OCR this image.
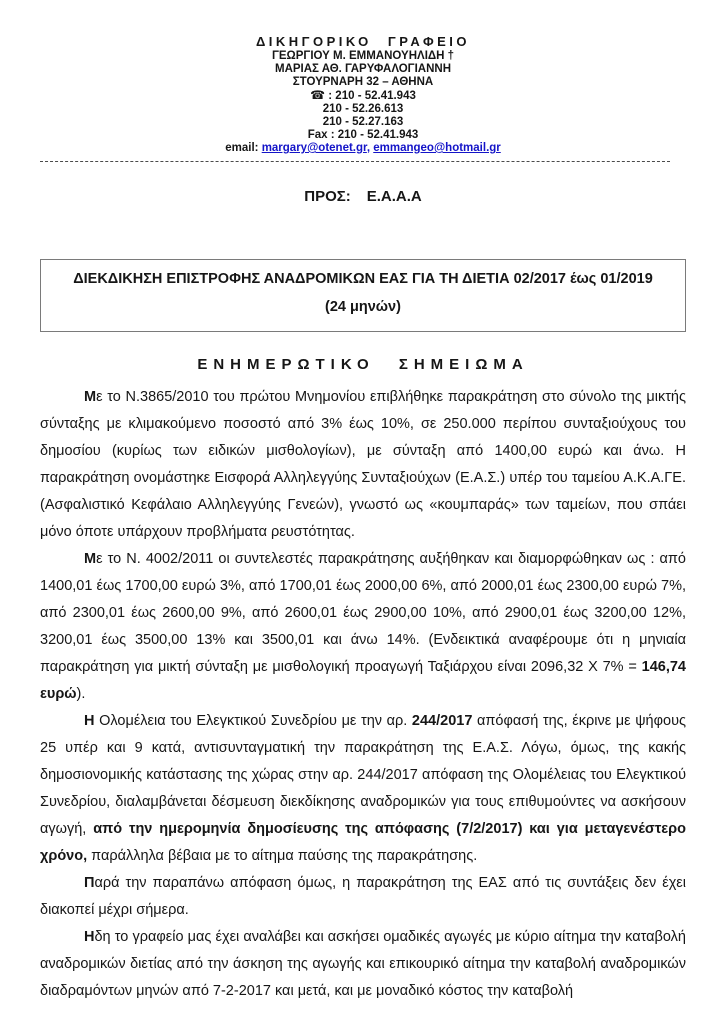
ΔΙΚΗΓΟΡΙΚΟ ΓΡΑΦΕΙΟ
ΓΕΩΡΓΙΟΥ Μ. ΕΜΜΑΝΟΥΗΛΙΔΗ †
ΜΑΡΙΑΣ ΑΘ. ΓΑΡΥΦΑΛΟΓΙΑΝΝΗ
ΣΤΟΥΡΝΑΡΗ 32 – ΑΘΗΝΑ
☎ : 210 - 52.41.943
210 - 52.26.613
210 - 52.27.163
Fax : 210 - 52.41.943
email: margary@otenet.gr, emmangeo@hotmail.gr
ΠΡΟΣ: Ε.Α.Α.Α
ΔΙΕΚΔΙΚΗΣΗ ΕΠΙΣΤΡΟΦΗΣ ΑΝΑΔΡΟΜΙΚΩΝ ΕΑΣ ΓΙΑ ΤΗ ΔΙΕΤΙΑ 02/2017 έως 01/2019
(24 μηνών)
ΕΝΗΜΕΡΩΤΙΚΟ ΣΗΜΕΙΩΜΑ

Με το Ν.3865/2010 του πρώτου Μνημονίου επιβλήθηκε παρακράτηση στο σύνολο της μικτής σύνταξης με κλιμακούμενο ποσοστό από 3% έως 10%, σε 250.000 περίπου συνταξιούχους του δημοσίου (κυρίως των ειδικών μισθολογίων), με σύνταξη από 1400,00 ευρώ και άνω. Η παρακράτηση ονομάστηκε Εισφορά Αλληλεγγύης Συνταξιούχων (Ε.Α.Σ.) υπέρ του ταμείου Α.Κ.Α.ΓΕ. (Ασφαλιστικό Κεφάλαιο Αλληλεγγύης Γενεών), γνωστό ως «κουμπαράς» των ταμείων, που σπάει μόνο όποτε υπάρχουν προβλήματα ρευστότητας.

Με το Ν. 4002/2011 οι συντελεστές παρακράτησης αυξήθηκαν και διαμορφώθηκαν ως : από 1400,01 έως 1700,00 ευρώ 3%, από 1700,01 έως 2000,00 6%, από 2000,01 έως 2300,00 ευρώ 7%, από 2300,01 έως 2600,00 9%, από 2600,01 έως 2900,00 10%, από 2900,01 έως 3200,00 12%, 3200,01 έως 3500,00 13% και 3500,01 και άνω 14%. (Ενδεικτικά αναφέρουμε ότι η μηνιαία παρακράτηση για μικτή σύνταξη με μισθολογική προαγωγή Ταξιάρχου είναι 2096,32 Χ 7% = 146,74 ευρώ).

Η Ολομέλεια του Ελεγκτικού Συνεδρίου με την αρ. 244/2017 απόφασή της, έκρινε με ψήφους 25 υπέρ και 9 κατά, αντισυνταγματική την παρακράτηση της Ε.Α.Σ. Λόγω, όμως, της κακής δημοσιονομικής κατάστασης της χώρας στην αρ. 244/2017 απόφαση της Ολομέλειας του Ελεγκτικού Συνεδρίου, διαλαμβάνεται δέσμευση διεκδίκησης αναδρομικών για τους επιθυμούντες να ασκήσουν αγωγή, από την ημερομηνία δημοσίευσης της απόφασης (7/2/2017) και για μεταγενέστερο χρόνο, παράλληλα βέβαια με το αίτημα παύσης της παρακράτησης.

Παρά την παραπάνω απόφαση όμως, η παρακράτηση της ΕΑΣ από τις συντάξεις δεν έχει διακοπεί μέχρι σήμερα.

Ηδη το γραφείο μας έχει αναλάβει και ασκήσει ομαδικές αγωγές με κύριο αίτημα την καταβολή αναδρομικών διετίας από την άσκηση της αγωγής και επικουρικό αίτημα την καταβολή αναδρομικών διαδραμόντων μηνών από 7-2-2017 και μετά, και με μοναδικό κόστος την καταβολή
